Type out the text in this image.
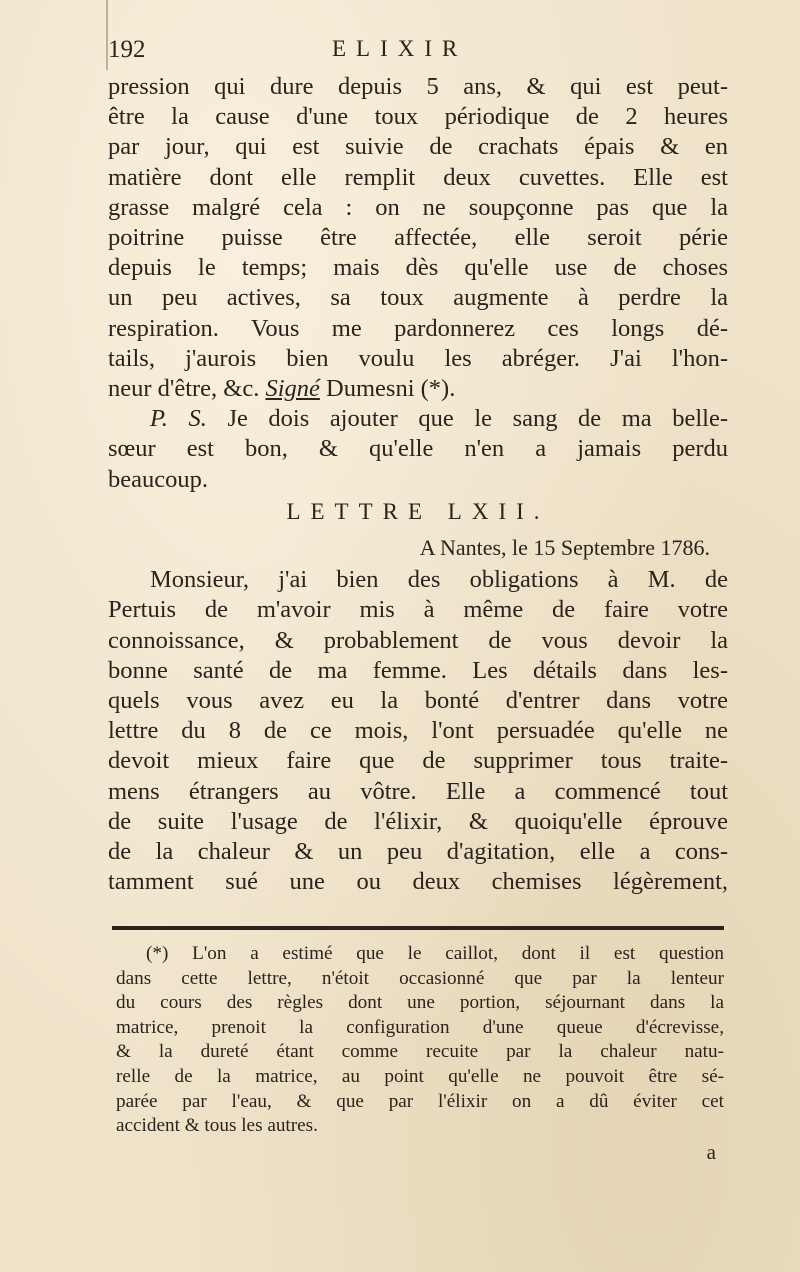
192	ELIXIR
pression qui dure depuis 5 ans, & qui est peut-
être la cause d'une toux périodique de 2 heures
par jour, qui est suivie de crachats épais & en
matière dont elle remplit deux cuvettes. Elle est
grasse malgré cela : on ne soupçonne pas que la
poitrine puisse être affectée, elle seroit périe
depuis le temps; mais dès qu'elle use de choses
un peu actives, sa toux augmente à perdre la
respiration. Vous me pardonnerez ces longs dé-
tails, j'aurois bien voulu les abréger. J'ai l'hon-
neur d'être, &c. Signé Dumesni (*).
P. S. Je dois ajouter que le sang de ma belle-
sœur est bon, & qu'elle n'en a jamais perdu
beaucoup.
LETTRE LXII.
A Nantes, le 15 Septembre 1786.
Monsieur, j'ai bien des obligations à M. de
Pertuis de m'avoir mis à même de faire votre
connoissance, & probablement de vous devoir la
bonne santé de ma femme. Les détails dans les-
quels vous avez eu la bonté d'entrer dans votre
lettre du 8 de ce mois, l'ont persuadée qu'elle ne
devoit mieux faire que de supprimer tous traite-
mens étrangers au vôtre. Elle a commencé tout
de suite l'usage de l'élixir, & quoiqu'elle éprouve
de la chaleur & un peu d'agitation, elle a cons-
tamment sué une ou deux chemises légèrement,
(*) L'on a estimé que le caillot, dont il est question
dans cette lettre, n'étoit occasionné que par la lenteur
du cours des règles dont une portion, séjournant dans la
matrice, prenoit la configuration d'une queue d'écrevisse,
& la dureté étant comme recuite par la chaleur natu-
relle de la matrice, au point qu'elle ne pouvoit être sé-
parée par l'eau, & que par l'élixir on a dû éviter cet
accident & tous les autres.
a
